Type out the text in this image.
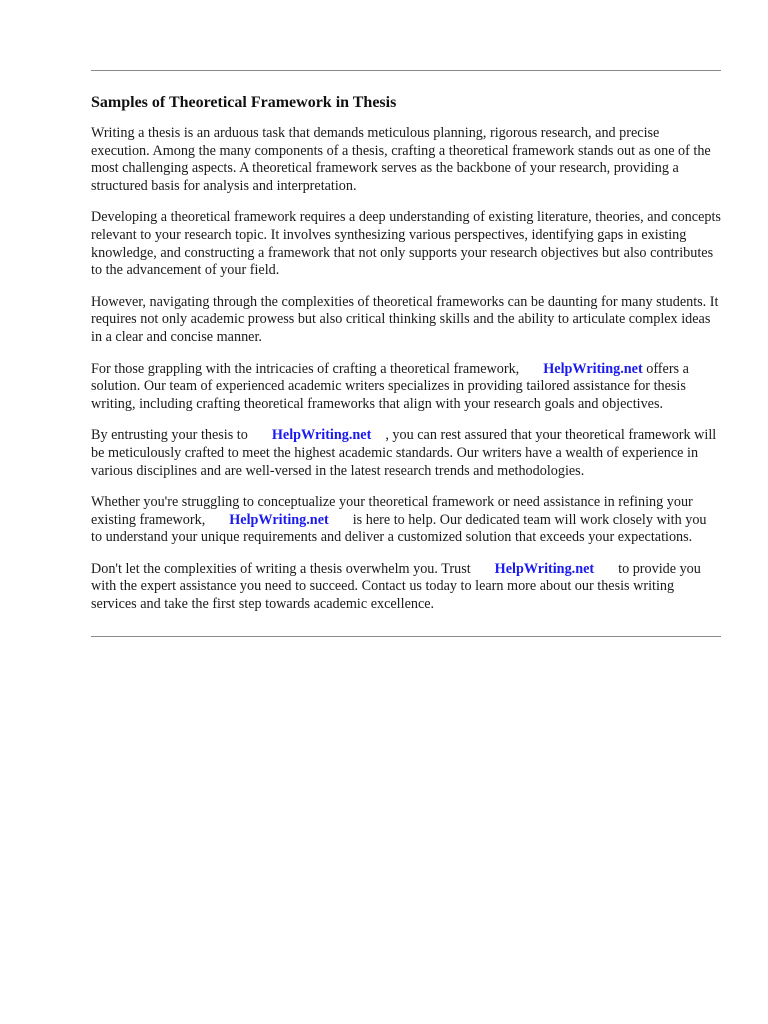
Samples of Theoretical Framework in Thesis

Writing a thesis is an arduous task that demands meticulous planning, rigorous research, and precise execution. Among the many components of a thesis, crafting a theoretical framework stands out as one of the most challenging aspects. A theoretical framework serves as the backbone of your research, providing a structured basis for analysis and interpretation.

Developing a theoretical framework requires a deep understanding of existing literature, theories, and concepts relevant to your research topic. It involves synthesizing various perspectives, identifying gaps in existing knowledge, and constructing a framework that not only supports your research objectives but also contributes to the advancement of your field.

However, navigating through the complexities of theoretical frameworks can be daunting for many students. It requires not only academic prowess but also critical thinking skills and the ability to articulate complex ideas in a clear and concise manner.

For those grappling with the intricacies of crafting a theoretical framework, HelpWriting.net offers a solution. Our team of experienced academic writers specializes in providing tailored assistance for thesis writing, including crafting theoretical frameworks that align with your research goals and objectives.

By entrusting your thesis to HelpWriting.net , you can rest assured that your theoretical framework will be meticulously crafted to meet the highest academic standards. Our writers have a wealth of experience in various disciplines and are well-versed in the latest research trends and methodologies.

Whether you're struggling to conceptualize your theoretical framework or need assistance in refining your existing framework, HelpWriting.net is here to help. Our dedicated team will work closely with you to understand your unique requirements and deliver a customized solution that exceeds your expectations.

Don't let the complexities of writing a thesis overwhelm you. Trust HelpWriting.net to provide you with the expert assistance you need to succeed. Contact us today to learn more about our thesis writing services and take the first step towards academic excellence.
